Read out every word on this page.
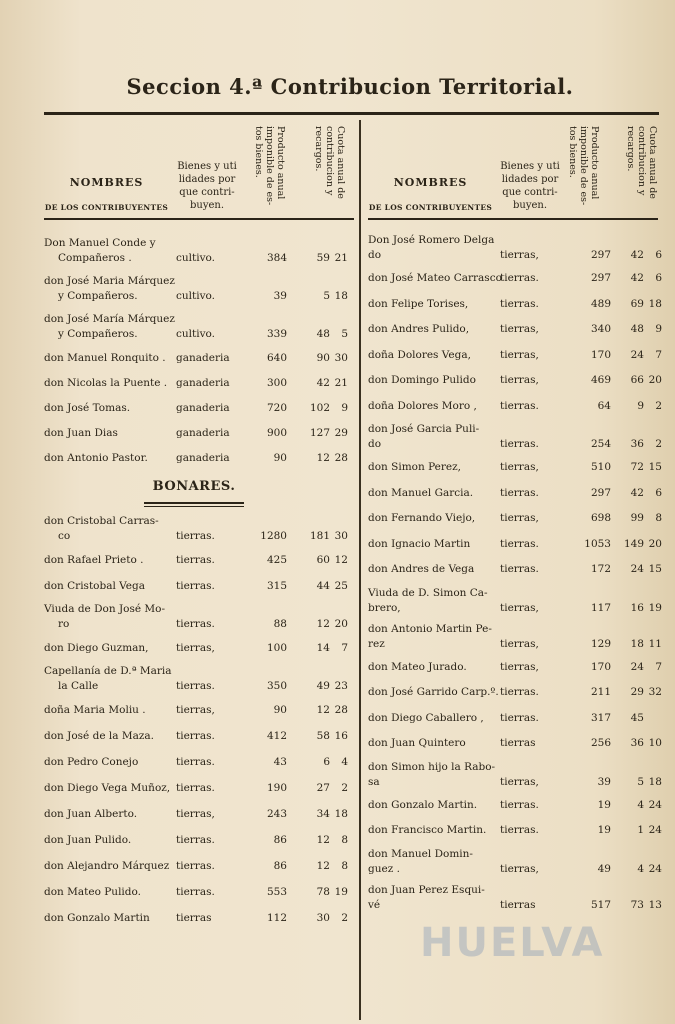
Seccion 4.ª Contribucion Territorial.
NOMBRES
DE LOS CONTRIBUYENTES
Bienes y uti
lidades por
que contri-
buyen.
Producto anual imponible de es- tos bienes.	Cuota anual de contribucion y recargos.
Don Manuel Conde y
Compañeros .	cultivo.	384	59 21
don José Maria Márquez
y Compañeros.	cultivo.	39	5 18
don José María Márquez
y Compañeros.	cultivo.	339	48	5
don Manuel Ronquito . ganaderia	640	90 30
don Nicolas la Puente . ganaderia	300	42 21
don José Tomas.	ganaderia	720	102	9
don Juan Dias	ganaderia	900	127 29
don Antonio Pastor.	ganaderia	90	12 28
BONARES.
don Cristobal Carras-
co	tierras.	1280	181 30
don Rafael Prieto .	tierras.	425	60 12
don Cristobal Vega	tierras.	315	44 25
Viuda de Don José Mo-
ro	tierras.	88	12 20
don Diego Guzman,	tierras,	100	14	7
Capellanía de D.ª Maria
la Calle	tierras.	350	49 23
doña Maria Moliu .	tierras,	90	12 28
don José de la Maza. tierras.	412	58 16
don Pedro Conejo	tierras.	43	6	4
don Diego Vega Muñoz, tierras.	190	27	2
don Juan Alberto.	tierras,	243	34 18
don Juan Pulido.	tierras.	86	12	8
don Alejandro Márquez tierras.	86	12	8
don Mateo Pulido.	tierras.	553	78 19
don Gonzalo Martin tierras	112	30	2
NOMBRES
DE LOS CONTRIBUYENTES
Bienes y uti
lidades por
que contri-
buyen.
Producto anual imponible de es- tos bienes.	Cuota anual de contribucion y recargos.
Don José Romero Delga
do	tierras,	297	42	6
don José Mateo Carrasco
tierras.	297	42	6
don Felipe Torises,	tierras.	489	69 18
don Andres Pulido,	tierras,	340	48	9
doña Dolores Vega,	tierras,	170	24	7
don Domingo Pulido tierras,	469	66 20
doña Dolores Moro , tierras.	64	9	2
don José Garcia Puli-
do	tierras.	254	36	2
don Simon Perez,	tierras,	510	72 15
don Manuel Garcia.	tierras.	297	42	6
don Fernando Viejo, tierras,	698	99	8
don Ignacio Martin	tierras.	1053	149 20
don Andres de Vega tierras.	172	24 15
Viuda de D. Simon Ca-
brero,	tierras,	117	16 19
don Antonio Martin Pe-
rez	tierras,	129	18 11
don Mateo Jurado.	tierras,	170	24	7
don José Garrido Carp.º. tierras.	211	29 32
don Diego Caballero , tierras.	317	45
don Juan Quintero	tierras	256	36 10
don Simon hijo la Rabo-
sa	tierras,	39	5 18
don Gonzalo Martin. tierras.	19	4 24
don Francisco Martin. tierras.	19	1 24
don Manuel Domin-
guez .	tierras,	49	4 24
don Juan Perez Esqui-
vé	tierras	517	73 13
HUELVA
